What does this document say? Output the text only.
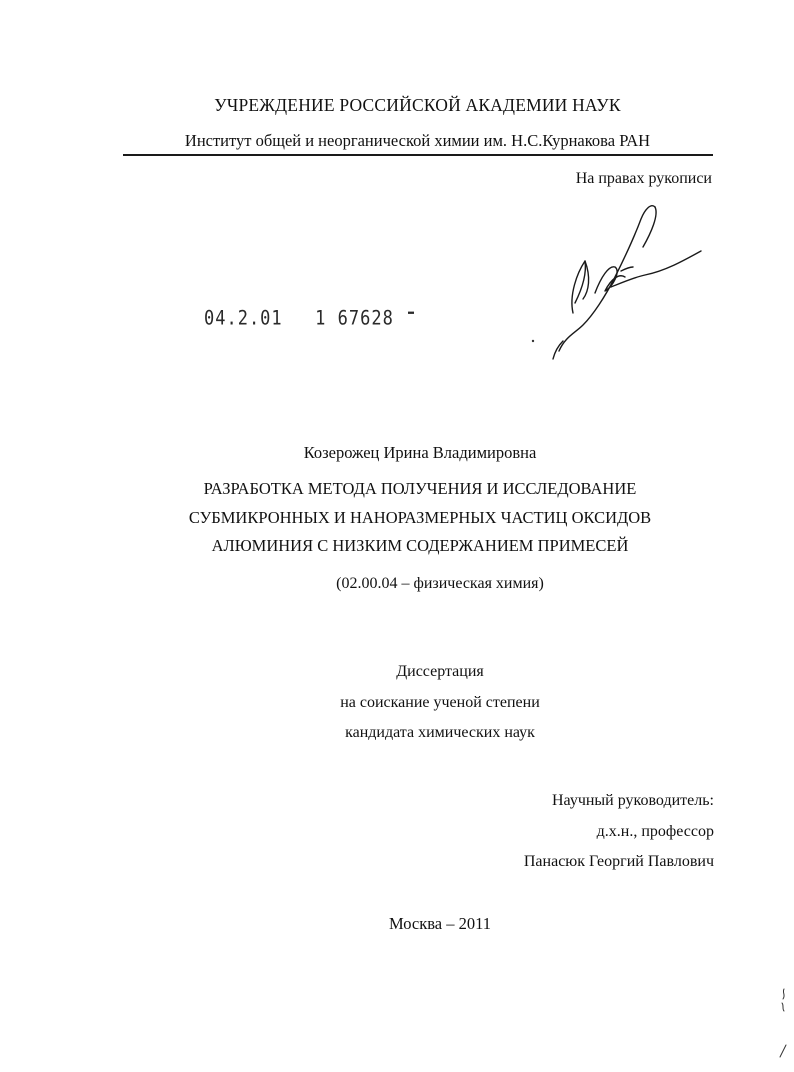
УЧРЕЖДЕНИЕ РОССИЙСКОЙ АКАДЕМИИ НАУК
Институт общей и неорганической химии им. Н.С.Курнакова РАН
На правах рукописи
04.2.01 1 67628
Козерожец Ирина Владимировна
РАЗРАБОТКА МЕТОДА ПОЛУЧЕНИЯ И ИССЛЕДОВАНИЕ
СУБМИКРОННЫХ И НАНОРАЗМЕРНЫХ ЧАСТИЦ ОКСИДОВ
АЛЮМИНИЯ С НИЗКИМ СОДЕРЖАНИЕМ ПРИМЕСЕЙ
(02.00.04 – физическая химия)
Диссертация
на соискание ученой степени
кандидата химических наук
Научный руководитель:
д.х.н., профессор
Панасюк Георгий Павлович
Москва – 2011
